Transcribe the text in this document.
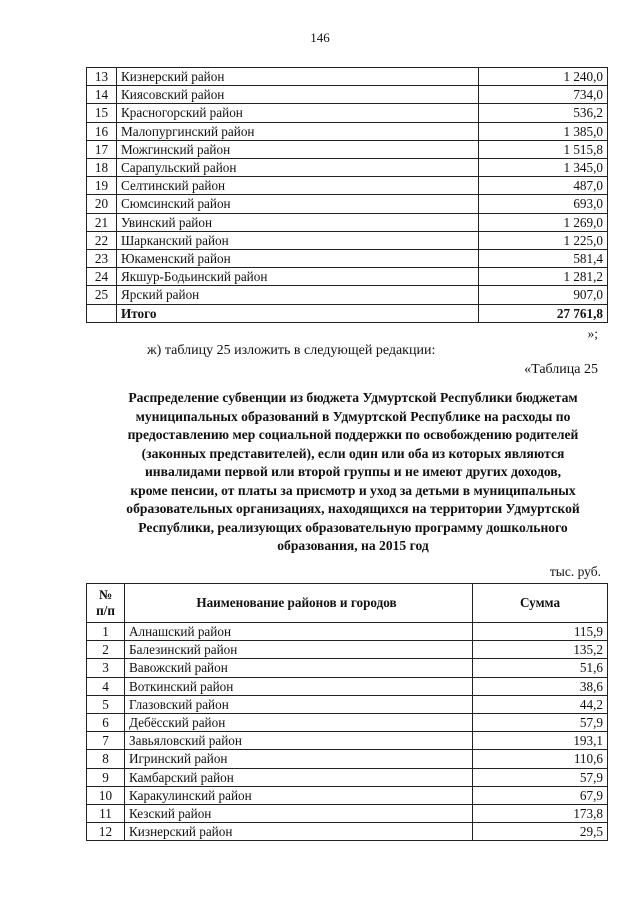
146
13	Кизнерский район	1 240,0
14	Киясовский район	734,0
15	Красногорский район	536,2
16	Малопургинский район	1 385,0
17	Можгинский район	1 515,8
18	Сарапульский район	1 345,0
19	Селтинский район	487,0
20	Сюмсинский район	693,0
21	Увинский район	1 269,0
22	Шарканский район	1 225,0
23	Юкаменский район	581,4
24	Якшур-Бодьинский район	1 281,2
25	Ярский район	907,0
	Итого	27 761,8
»;
ж) таблицу 25 изложить в следующей редакции:
«Таблица 25
Распределение субвенции из бюджета Удмуртской Республики бюджетам
муниципальных образований в Удмуртской Республике на расходы по
предоставлению мер социальной поддержки по освобождению родителей
(законных представителей), если один или оба из которых являются
инвалидами первой или второй группы и не имеют других доходов,
кроме пенсии, от платы за присмотр и уход за детьми в муниципальных
образовательных организациях, находящихся на территории Удмуртской
Республики, реализующих образовательную программу дошкольного
образования, на 2015 год
тыс. руб.
№
п/п	Наименование районов и городов	Сумма
1	Алнашский район	115,9
2	Балезинский район	135,2
3	Вавожский район	51,6
4	Воткинский район	38,6
5	Глазовский район	44,2
6	Дебёсский район	57,9
7	Завьяловский район	193,1
8	Игринский район	110,6
9	Камбарский район	57,9
10	Каракулинский район	67,9
11	Кезский район	173,8
12	Кизнерский район	29,5
